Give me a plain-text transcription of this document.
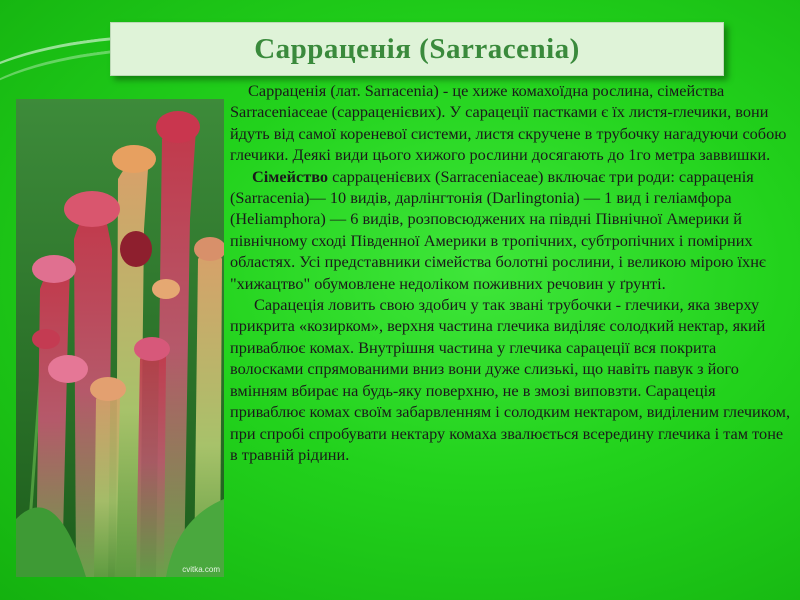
Сарраценія (Sarracenia)
cvitka.com

Сарраценія (лат. Sarracenia) - це хиже комахоїдна рослина, сімейства Sarraceniaceae (сарраценієвих). У сарацеції пастками є їх листя-глечики, вони йдуть від самої кореневої системи, листя скручене в трубочку нагадуючи собою глечики. Деякі види цього хижого рослини досягають до 1го метра заввишки.

Сімейство сарраценієвих (Sarraceniaceae) включає три роди: сарраценія (Sarracenia)— 10 видів, дарлінгтонія (Darlingtonia) — 1 вид і геліамфора (Heliamphora) — 6 видів, розповсюджених на півдні Північної Америки й північному сході Південної Америки в тропічних, субтропічних і помірних областях. Усі представники сімейства болотні рослини, і великою мірою їхнє "хижацтво" обумовлене недоліком поживних речовин у ґрунті.

Сарацеція ловить свою здобич у так звані трубочки - глечики, яка зверху прикрита «козирком», верхня частина глечика виділяє солодкий нектар, який приваблює комах. Внутрішня частина у глечика сарацеції вся покрита волосками спрямованими вниз вони дуже слизькі, що навіть павук з його вмінням вбирає на будь-яку поверхню, не в змозі виповзти. Сарацеція приваблює комах своїм забарвленням і солодким нектаром, виділеним глечиком, при спробі спробувати нектару комаха звалюється всередину глечика і там тоне в травній рідини.
